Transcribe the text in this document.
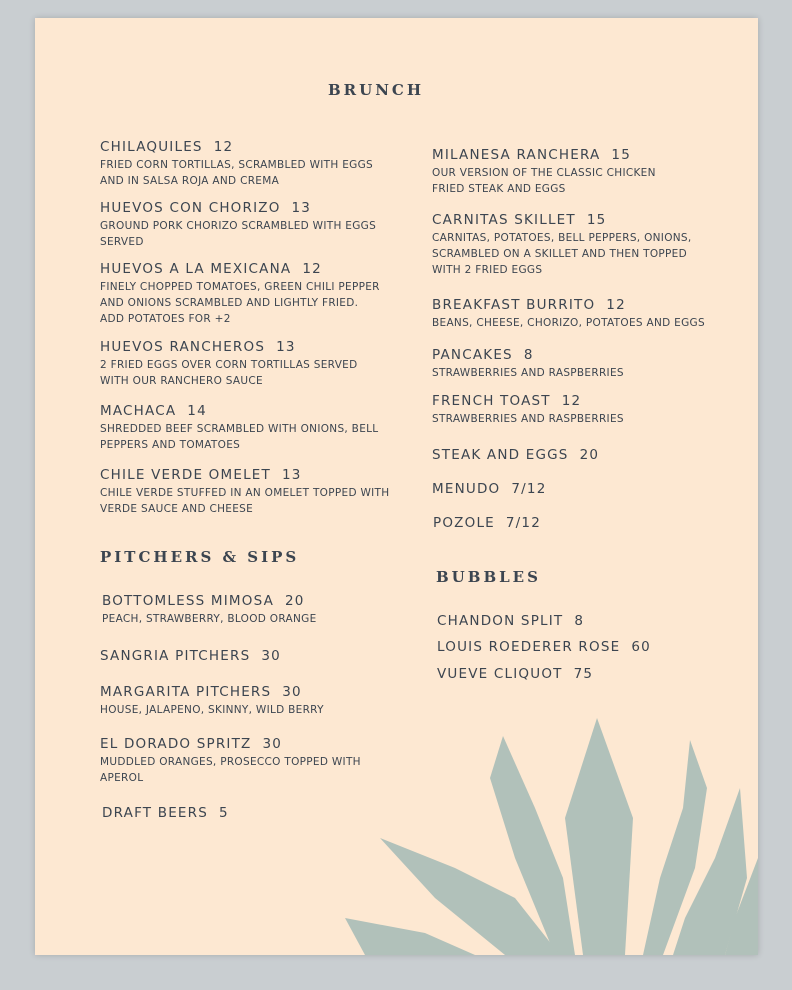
BRUNCH
CHILAQUILES 12
FRIED CORN TORTILLAS, SCRAMBLED WITH EGGS AND IN SALSA ROJA AND CREMA
HUEVOS CON CHORIZO 13
GROUND PORK CHORIZO SCRAMBLED WITH EGGS SERVED
HUEVOS A LA MEXICANA 12
FINELY CHOPPED TOMATOES, GREEN CHILI PEPPER AND ONIONS SCRAMBLED AND LIGHTLY FRIED.
ADD POTATOES FOR +2
HUEVOS RANCHEROS 13
2 FRIED EGGS OVER CORN TORTILLAS SERVED WITH OUR RANCHERO SAUCE
MACHACA 14
SHREDDED BEEF SCRAMBLED WITH ONIONS, BELL PEPPERS AND TOMATOES
CHILE VERDE OMELET 13
CHILE VERDE STUFFED IN AN OMELET TOPPED WITH VERDE SAUCE AND CHEESE
MILANESA RANCHERA 15
OUR VERSION OF THE CLASSIC CHICKEN FRIED STEAK AND EGGS
CARNITAS SKILLET 15
CARNITAS, POTATOES, BELL PEPPERS, ONIONS, SCRAMBLED ON A SKILLET AND THEN TOPPED WITH 2 FRIED EGGS
BREAKFAST BURRITO 12
BEANS, CHEESE, CHORIZO, POTATOES AND EGGS
PANCAKES 8
STRAWBERRIES AND RASPBERRIES
FRENCH TOAST 12
STRAWBERRIES AND RASPBERRIES
STEAK AND EGGS 20
MENUDO 7/12
POZOLE 7/12
PITCHERS & SIPS
BOTTOMLESS MIMOSA 20
PEACH, STRAWBERRY, BLOOD ORANGE
SANGRIA PITCHERS 30
MARGARITA PITCHERS 30
HOUSE, JALAPENO, SKINNY, WILD BERRY
EL DORADO SPRITZ 30
MUDDLED ORANGES, PROSECCO TOPPED WITH APEROL
DRAFT BEERS 5
BUBBLES
CHANDON SPLIT 8
LOUIS ROEDERER ROSE 60
VUEVE CLIQUOT 75
